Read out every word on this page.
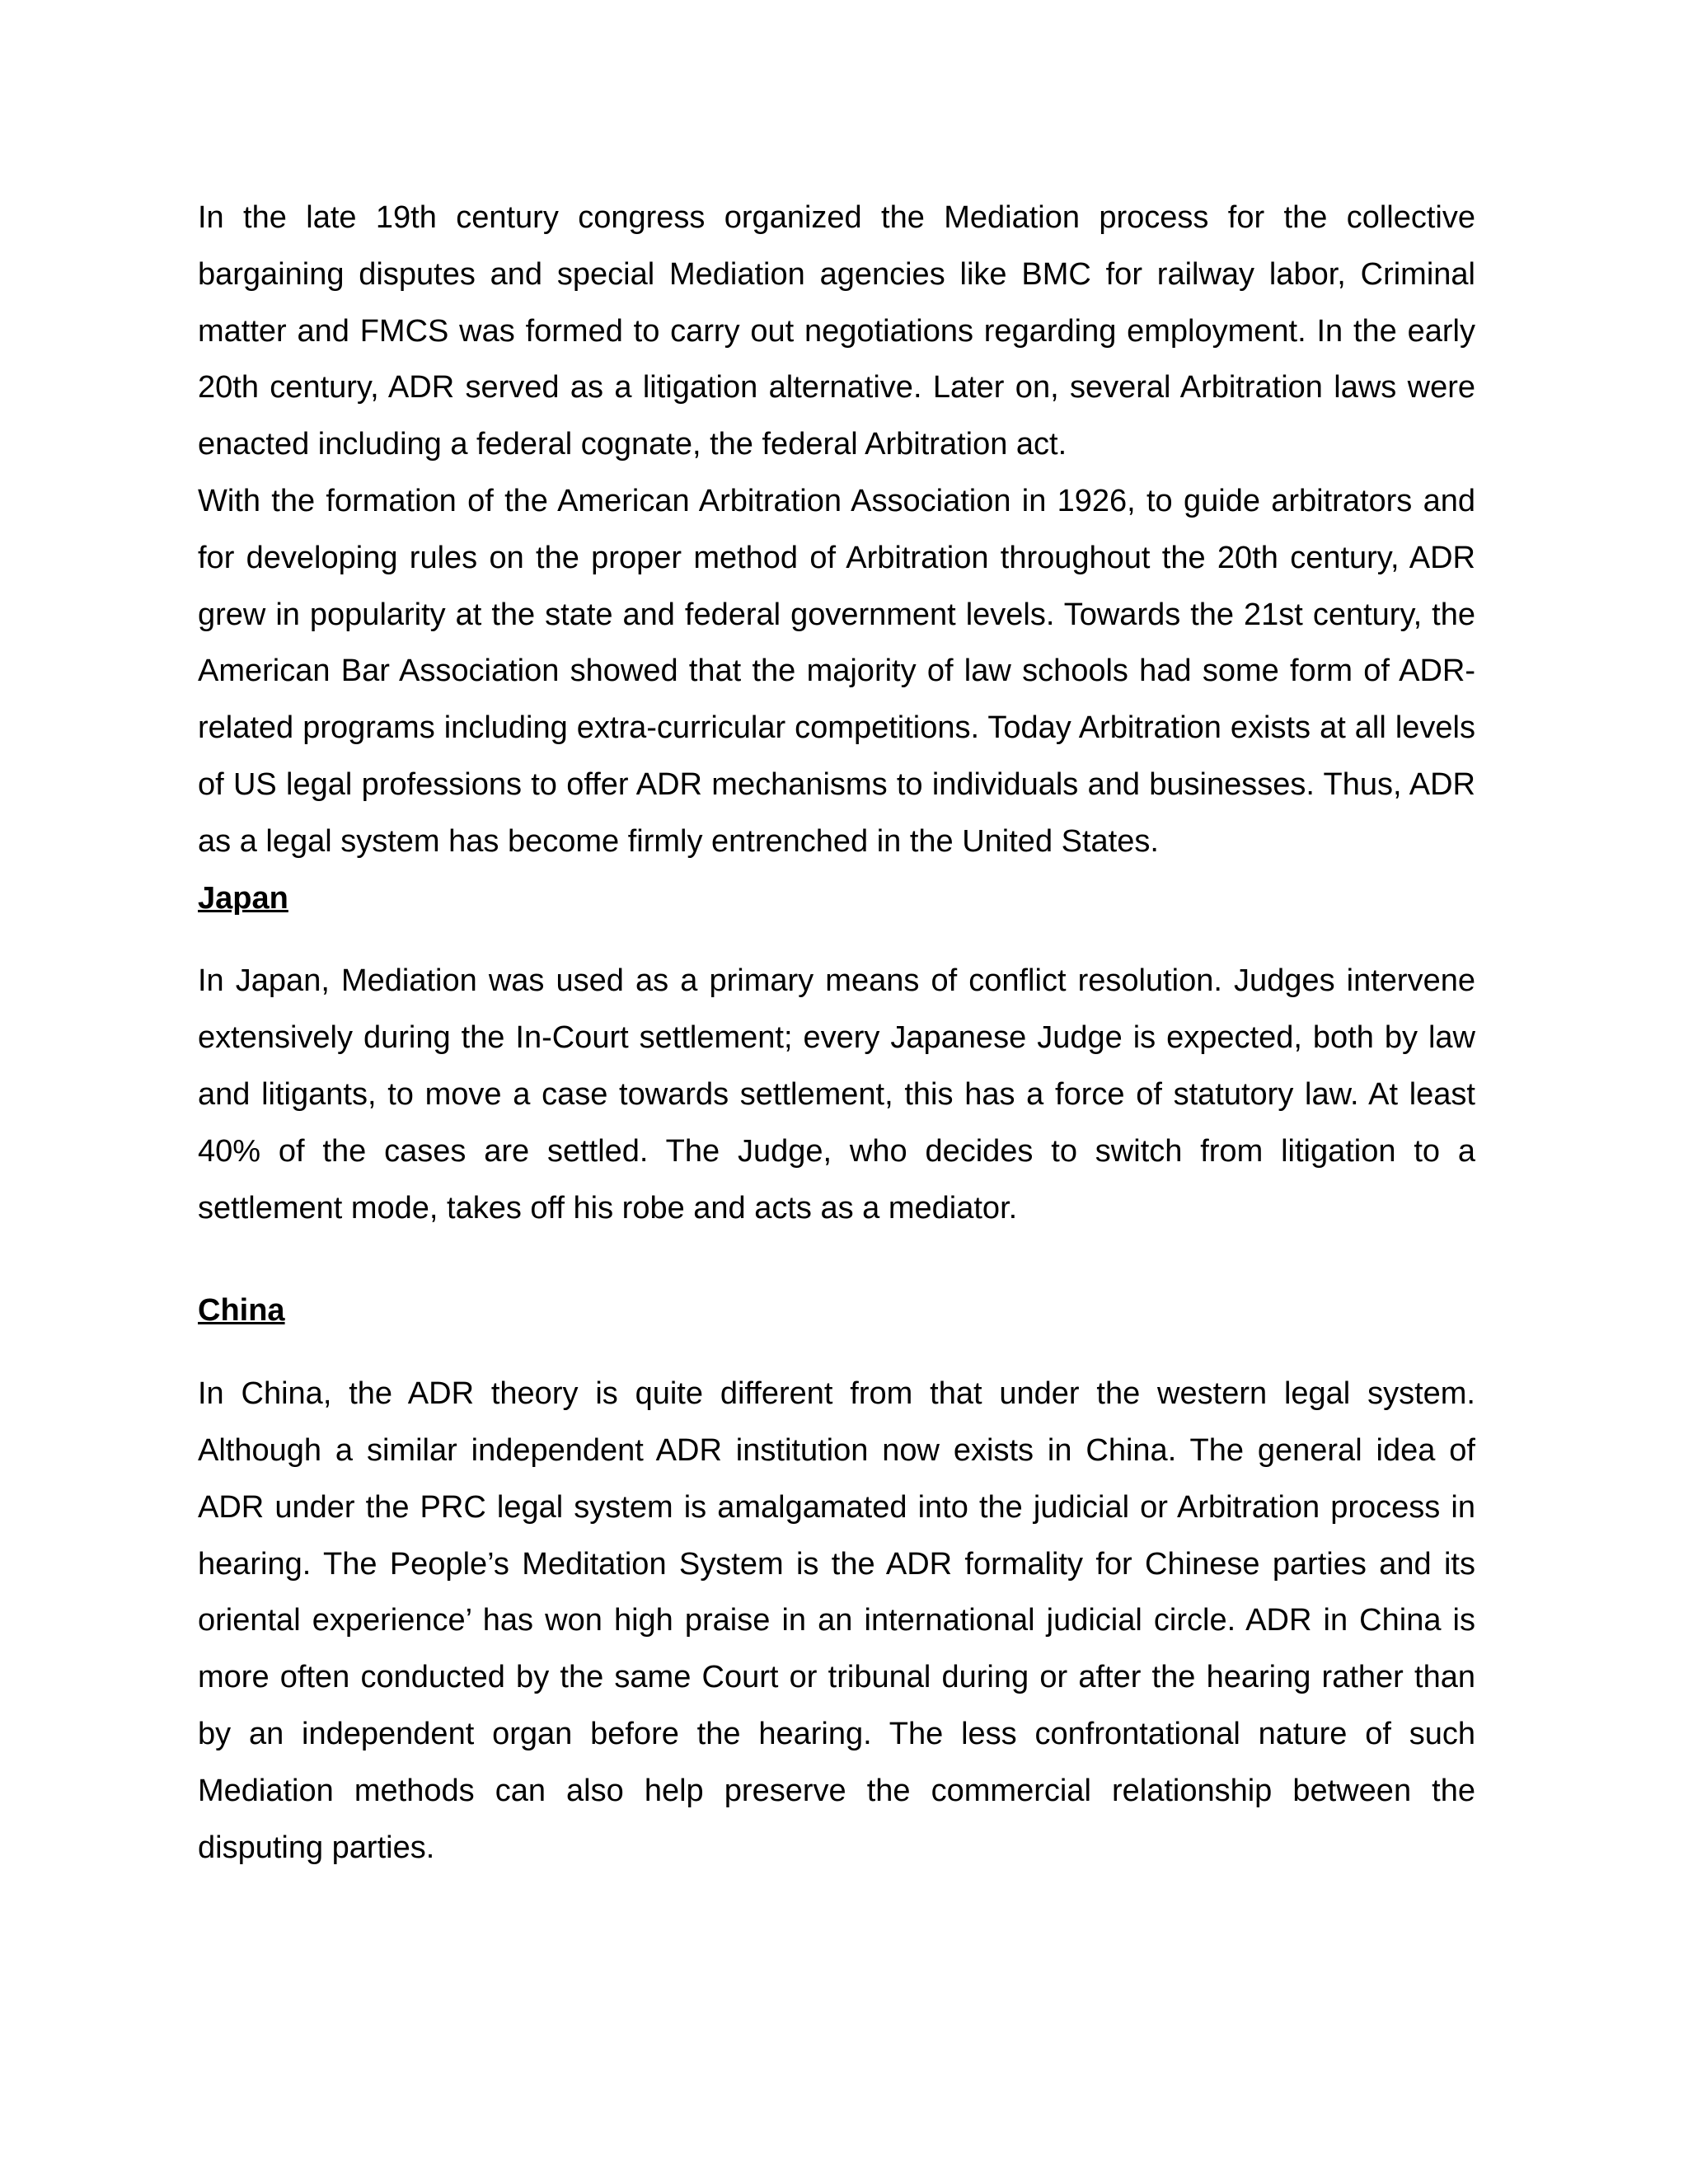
In the late 19th century congress organized the Mediation process for the collective bargaining disputes and special Mediation agencies like BMC for railway labor, Criminal matter and FMCS was formed to carry out negotiations regarding employment. In the early 20th century, ADR served as a litigation alternative. Later on, several Arbitration laws were enacted including a federal cognate, the federal Arbitration act.

With the formation of the American Arbitration Association in 1926, to guide arbitrators and for developing rules on the proper method of Arbitration throughout the 20th century, ADR grew in popularity at the state and federal government levels. Towards the 21st century, the American Bar Association showed that the majority of law schools had some form of ADR-related programs including extra-curricular competitions. Today Arbitration exists at all levels of US legal professions to offer ADR mechanisms to individuals and businesses. Thus, ADR as a legal system has become firmly entrenched in the United States.

Japan

In Japan, Mediation was used as a primary means of conflict resolution. Judges intervene extensively during the In-Court settlement; every Japanese Judge is expected, both by law and litigants, to move a case towards settlement, this has a force of statutory law. At least 40% of the cases are settled. The Judge, who decides to switch from litigation to a settlement mode, takes off his robe and acts as a mediator.

China

In China, the ADR theory is quite different from that under the western legal system. Although a similar independent ADR institution now exists in China. The general idea of ADR under the PRC legal system is amalgamated into the judicial or Arbitration process in hearing. The People’s Meditation System is the ADR formality for Chinese parties and its oriental experience’ has won high praise in an international judicial circle. ADR in China is more often conducted by the same Court or tribunal during or after the hearing rather than by an independent organ before the hearing. The less confrontational nature of such Mediation methods can also help preserve the commercial relationship between the disputing parties.
